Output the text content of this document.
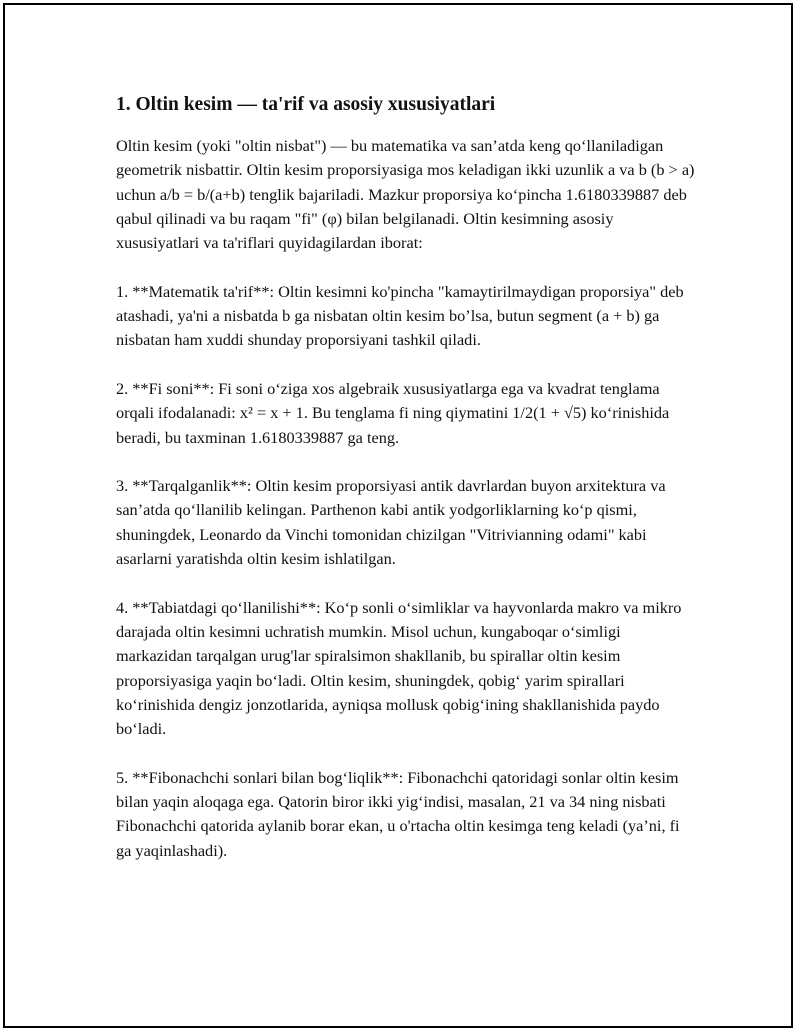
1. Oltin kesim — ta'rif va asosiy xususiyatlari

Oltin kesim (yoki "oltin nisbat") — bu matematika va san’atda keng qo‘llaniladigan geometrik nisbattir. Oltin kesim proporsiyasiga mos keladigan ikki uzunlik a va b (b > a) uchun a/b = b/(a+b) tenglik bajariladi. Mazkur proporsiya ko‘pincha 1.6180339887 deb qabul qilinadi va bu raqam "fi" (φ) bilan belgilanadi. Oltin kesimning asosiy xususiyatlari va ta'riflari quyidagilardan iborat:

1. **Matematik ta'rif**: Oltin kesimni ko'pincha "kamaytirilmaydigan proporsiya" deb atashadi, ya'ni a nisbatda b ga nisbatan oltin kesim bo’lsa, butun segment (a + b) ga nisbatan ham xuddi shunday proporsiyani tashkil qiladi.

2. **Fi soni**: Fi soni o‘ziga xos algebraik xususiyatlarga ega va kvadrat tenglama orqali ifodalanadi: x² = x + 1. Bu tenglama fi ning qiymatini 1/2(1 + √5) ko‘rinishida beradi, bu taxminan 1.6180339887 ga teng.

3. **Tarqalganlik**: Oltin kesim proporsiyasi antik davrlardan buyon arxitektura va san’atda qo‘llanilib kelingan. Parthenon kabi antik yodgorliklarning ko‘p qismi, shuningdek, Leonardo da Vinchi tomonidan chizilgan "Vitrivianning odami" kabi asarlarni yaratishda oltin kesim ishlatilgan.

4. **Tabiatdagi qo‘llanilishi**: Ko‘p sonli o‘simliklar va hayvonlarda makro va mikro darajada oltin kesimni uchratish mumkin. Misol uchun, kungaboqar o‘simligi markazidan tarqalgan urug'lar spiralsimon shakllanib, bu spirallar oltin kesim proporsiyasiga yaqin bo‘ladi. Oltin kesim, shuningdek, qobig‘ yarim spirallari ko‘rinishida dengiz jonzotlarida, ayniqsa mollusk qobig‘ining shakllanishida paydo bo‘ladi.

5. **Fibonachchi sonlari bilan bog‘liqlik**: Fibonachchi qatoridagi sonlar oltin kesim bilan yaqin aloqaga ega. Qatorin biror ikki yig‘indisi, masalan, 21 va 34 ning nisbati Fibonachchi qatorida aylanib borar ekan, u o'rtacha oltin kesimga teng keladi (ya’ni, fi ga yaqinlashadi).
